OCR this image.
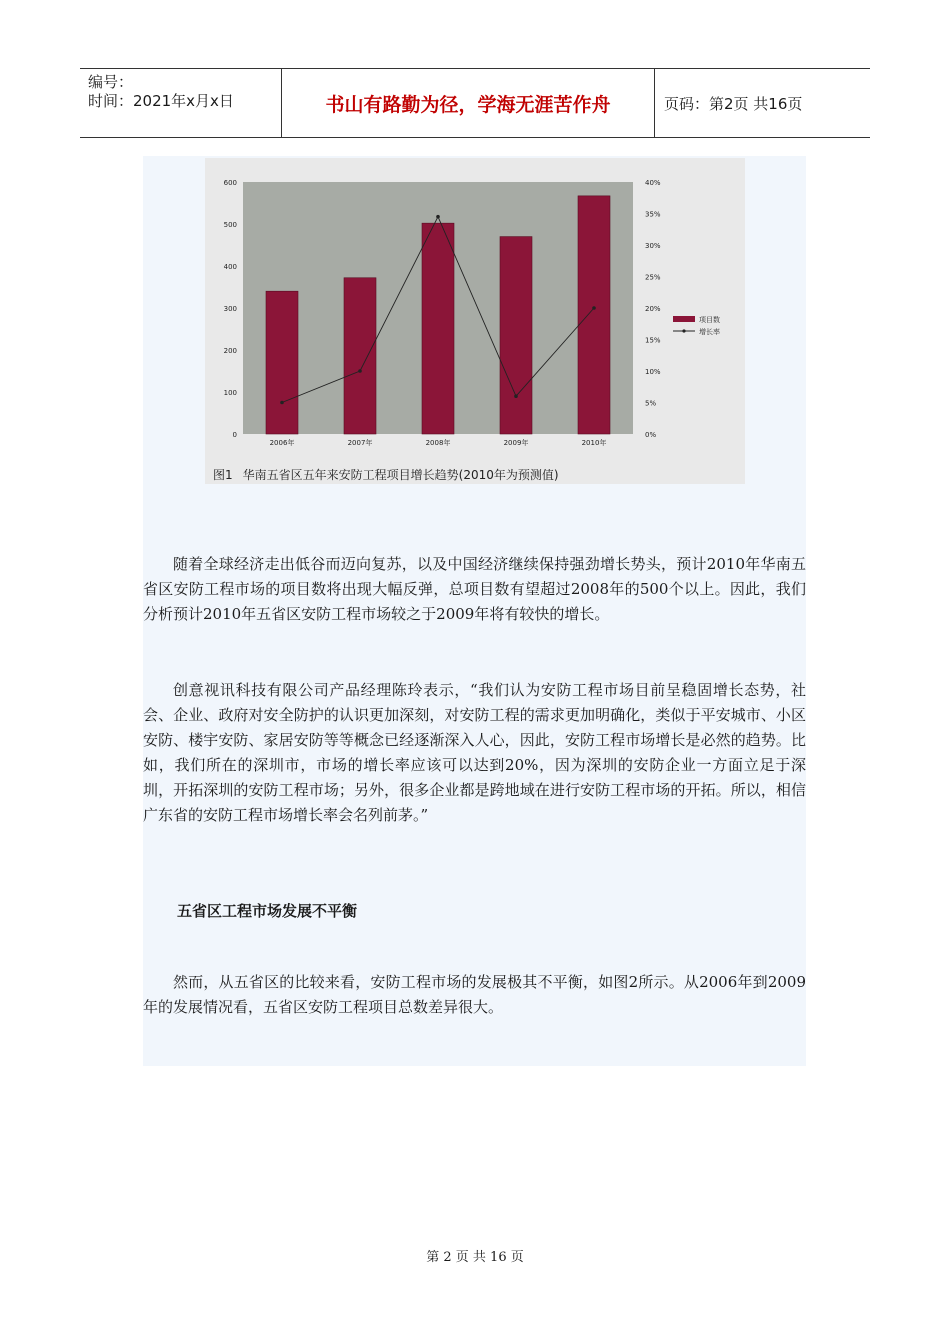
编号：
时间：2021年x月x日	书山有路勤为径，学海无涯苦作舟	页码：第2页 共16页
0
100
200
300
400
500
600
0%
5%
10%
15%
20%
25%
30%
35%
40%
2006年	2007年	2008年	2009年	2010年
项目数
增长率
图1 华南五省区五年来安防工程项目增长趋势(2010年为预测值)

随着全球经济走出低谷而迈向复苏，以及中国经济继续保持强劲增长势头，预计2010年华南五省区安防工程市场的项目数将出现大幅反弹，总项目数有望超过2008年的500个以上。因此，我们分析预计2010年五省区安防工程市场较之于2009年将有较快的增长。

创意视讯科技有限公司产品经理陈玲表示，“我们认为安防工程市场目前呈稳固增长态势，社会、企业、政府对安全防护的认识更加深刻，对安防工程的需求更加明确化，类似于平安城市、小区安防、楼宇安防、家居安防等等概念已经逐渐深入人心，因此，安防工程市场增长是必然的趋势。比如，我们所在的深圳市，市场的增长率应该可以达到20%，因为深圳的安防企业一方面立足于深圳，开拓深圳的安防工程市场；另外，很多企业都是跨地域在进行安防工程市场的开拓。所以，相信广东省的安防工程市场增长率会名列前茅。”

五省区工程市场发展不平衡

然而，从五省区的比较来看，安防工程市场的发展极其不平衡，如图2所示。从2006年到2009年的发展情况看，五省区安防工程项目总数差异很大。

第 2 页 共 16 页
